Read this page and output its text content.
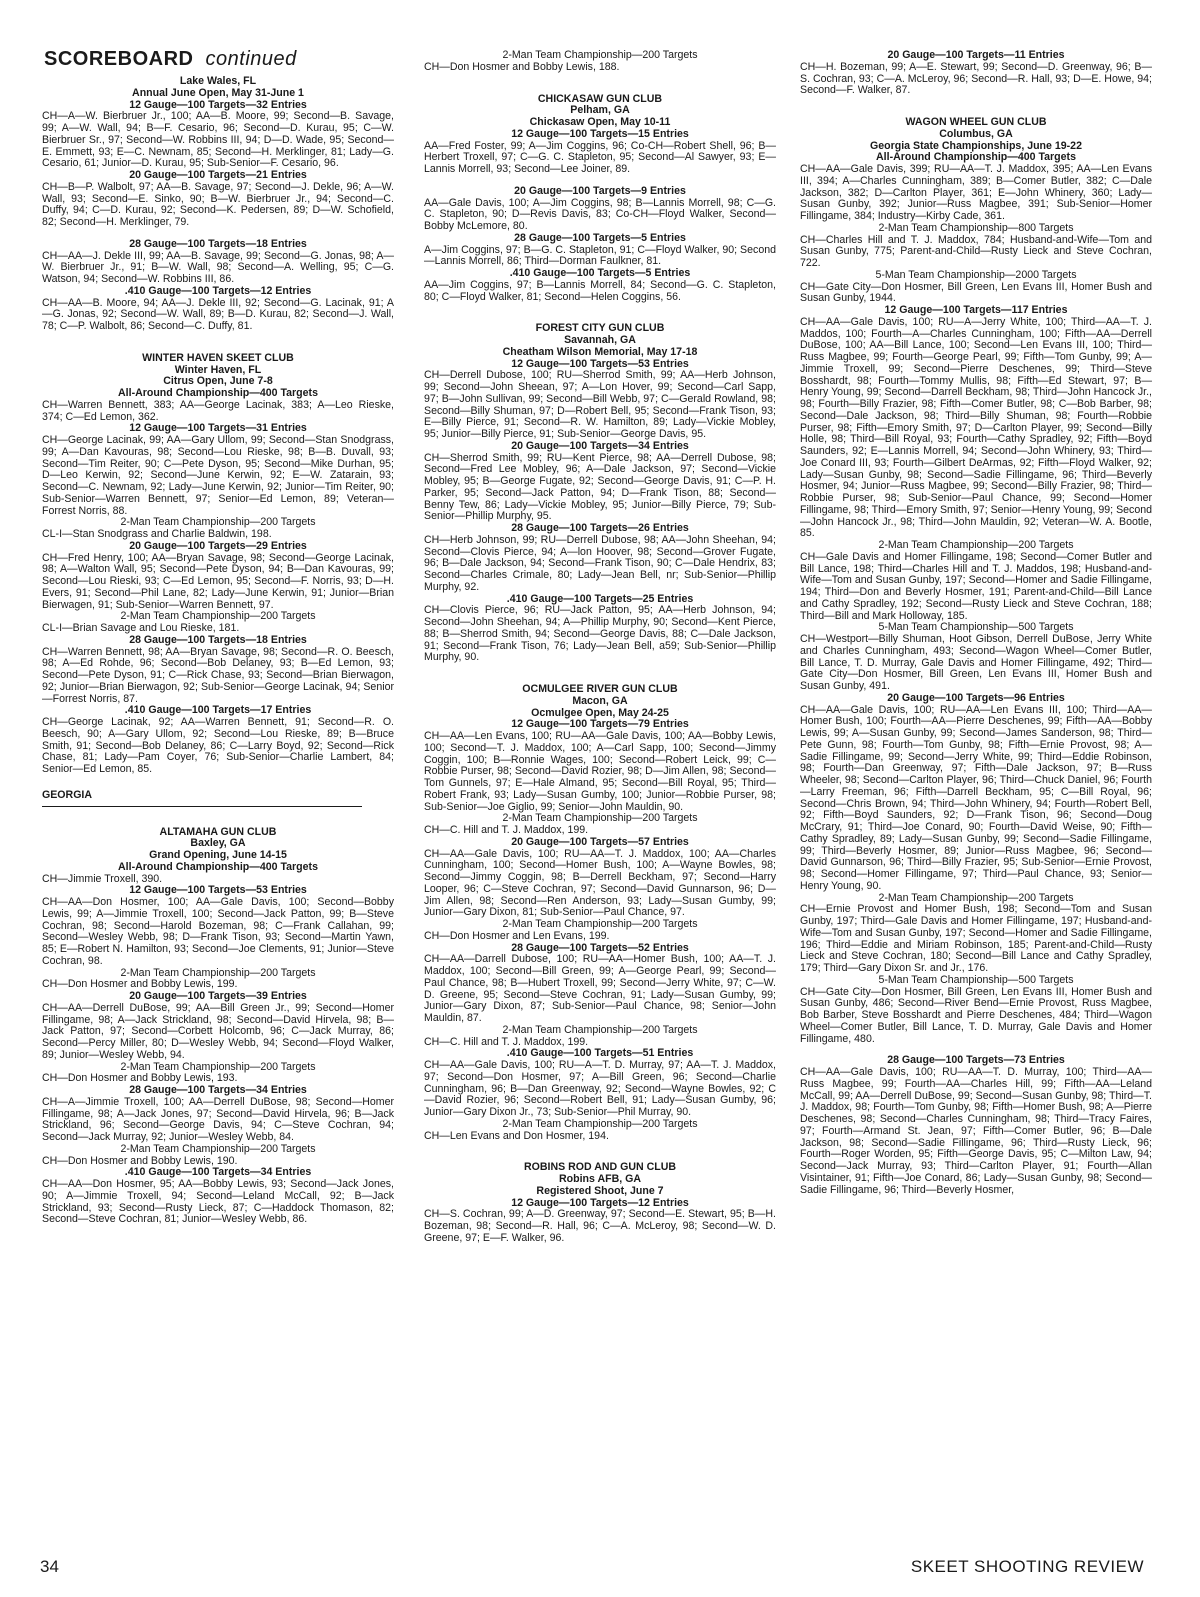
SCOREBOARD continued
Lake Wales, FL
Annual June Open, May 31-June 1
12 Gauge—100 Targets—32 Entries
CH—A—W. Bierbruer Jr., 100; AA—B. Moore, 99; Second—B. Savage, 99; A—W. Wall, 94; B—F. Cesario, 96; Second—D. Kurau, 95; C—W. Bierbruer Sr., 97; Second—W. Robbins III, 94; D—D. Wade, 95; Second—E. Emmett, 93; E—C. Newnam, 85; Second—H. Merklinger, 81; Lady—G. Cesario, 61; Junior—D. Kurau, 95; Sub-Senior—F. Cesario, 96.
20 Gauge—100 Targets—21 Entries
CH—B—P. Walbolt, 97; AA—B. Savage, 97; Second—J. Dekle, 96; A—W. Wall, 93; Second—E. Sinko, 90; B—W. Bierbruer Jr., 94; Second—C. Duffy, 94; C—D. Kurau, 92; Second—K. Pedersen, 89; D—W. Schofield, 82; Second—H. Merklinger, 79.
28 Gauge—100 Targets—18 Entries
CH—AA—J. Dekle III, 99; AA—B. Savage, 99; Second—G. Jonas, 98; A—W. Bierbruer Jr., 91; B—W. Wall, 98; Second—A. Welling, 95; C—G. Watson, 94; Second—W. Robbins III, 86.
.410 Gauge—100 Targets—12 Entries
CH—AA—B. Moore, 94; AA—J. Dekle III, 92; Second—G. Lacinak, 91; A—G. Jonas, 92; Second—W. Wall, 89; B—D. Kurau, 82; Second—J. Wall, 78; C—P. Walbolt, 86; Second—C. Duffy, 81.
WINTER HAVEN SKEET CLUB
Winter Haven, FL
Citrus Open, June 7-8
All-Around Championship—400 Targets
CH—Warren Bennett, 383; AA—George Lacinak, 383; A—Leo Rieske, 374; C—Ed Lemon, 362.
12 Gauge—100 Targets—31 Entries
CH—George Lacinak, 99; AA—Gary Ullom, 99; Second—Stan Snodgrass, 99; A—Dan Kavouras, 98; Second—Lou Rieske, 98; B—B. Duvall, 93; Second—Tim Reiter, 90; C—Pete Dyson, 95; Second—Mike Durhan, 95; D—Leo Kerwin, 92; Second—June Kerwin, 92; E—W. Zatarain, 93; Second—C. Newnam, 92; Lady—June Kerwin, 92; Junior—Tim Reiter, 90; Sub-Senior—Warren Bennett, 97; Senior—Ed Lemon, 89; Veteran—Forrest Norris, 88.
2-Man Team Championship—200 Targets
CL-I—Stan Snodgrass and Charlie Baldwin, 198.
20 Gauge—100 Targets—29 Entries
CH—Fred Henry, 100; AA—Bryan Savage, 98; Second—George Lacinak, 98; A—Walton Wall, 95; Second—Pete Dyson, 94; B—Dan Kavouras, 99; Second—Lou Rieski, 93; C—Ed Lemon, 95; Second—F. Norris, 93; D—H. Evers, 91; Second—Phil Lane, 82; Lady—June Kerwin, 91; Junior—Brian Bierwagen, 91; Sub-Senior—Warren Bennett, 97.
2-Man Team Championship—200 Targets
CL-I—Brian Savage and Lou Rieske, 181.
28 Gauge—100 Targets—18 Entries
CH—Warren Bennett, 98; AA—Bryan Savage, 98; Second—R. O. Beesch, 98; A—Ed Rohde, 96; Second—Bob Delaney, 93; B—Ed Lemon, 93; Second—Pete Dyson, 91; C—Rick Chase, 93; Second—Brian Bierwagon, 92; Junior—Brian Bierwagon, 92; Sub-Senior—George Lacinak, 94; Senior—Forrest Norris, 87.
.410 Gauge—100 Targets—17 Entries
CH—George Lacinak, 92; AA—Warren Bennett, 91; Second—R. O. Beesch, 90; A—Gary Ullom, 92; Second—Lou Rieske, 89; B—Bruce Smith, 91; Second—Bob Delaney, 86; C—Larry Boyd, 92; Second—Rick Chase, 81; Lady—Pam Coyer, 76; Sub-Senior—Charlie Lambert, 84; Senior—Ed Lemon, 85.
GEORGIA
ALTAMAHA GUN CLUB
Baxley, GA
Grand Opening, June 14-15
All-Around Championship—400 Targets
CH—Jimmie Troxell, 390.
12 Gauge—100 Targets—53 Entries
CH—AA—Don Hosmer, 100; AA—Gale Davis, 100; Second—Bobby Lewis, 99; A—Jimmie Troxell, 100; Second—Jack Patton, 99; B—Steve Cochran, 98; Second—Harold Bozeman, 98; C—Frank Callahan, 99; Second—Wesley Webb, 98; D—Frank Tison, 93; Second—Martin Yawn, 85; E—Robert N. Hamilton, 93; Second—Joe Clements, 91; Junior—Steve Cochran, 98.
2-Man Team Championship—200 Targets
CH—Don Hosmer and Bobby Lewis, 199.
20 Gauge—100 Targets—39 Entries
CH—AA—Derrell DuBose, 99; AA—Bill Green Jr., 99; Second—Homer Fillingame, 98; A—Jack Strickland, 98; Second—David Hirvela, 98; B—Jack Patton, 97; Second—Corbett Holcomb, 96; C—Jack Murray, 86; Second—Percy Miller, 80; D—Wesley Webb, 94; Second—Floyd Walker, 89; Junior—Wesley Webb, 94.
2-Man Team Championship—200 Targets
CH—Don Hosmer and Bobby Lewis, 193.
28 Gauge—100 Targets—34 Entries
CH—A—Jimmie Troxell, 100; AA—Derrell DuBose, 98; Second—Homer Fillingame, 98; A—Jack Jones, 97; Second—David Hirvela, 96; B—Jack Strickland, 96; Second—George Davis, 94; C—Steve Cochran, 94; Second—Jack Murray, 92; Junior—Wesley Webb, 84.
2-Man Team Championship—200 Targets
CH—Don Hosmer and Bobby Lewis, 190.
.410 Gauge—100 Targets—34 Entries
CH—AA—Don Hosmer, 95; AA—Bobby Lewis, 93; Second—Jack Jones, 90; A—Jimmie Troxell, 94; Second—Leland McCall, 92; B—Jack Strickland, 93; Second—Rusty Lieck, 87; C—Haddock Thomason, 82; Second—Steve Cochran, 81; Junior—Wesley Webb, 86.
2-Man Team Championship—200 Targets
CH—Don Hosmer and Bobby Lewis, 188.
CHICKASAW GUN CLUB
Pelham, GA
Chickasaw Open, May 10-11
12 Gauge—100 Targets—15 Entries
AA—Fred Foster, 99; A—Jim Coggins, 96; Co-CH—Robert Shell, 96; B—Herbert Troxell, 97; C—G. C. Stapleton, 95; Second—Al Sawyer, 93; E—Lannis Morrell, 93; Second—Lee Joiner, 89.
20 Gauge—100 Targets—9 Entries
AA—Gale Davis, 100; A—Jim Coggins, 98; B—Lannis Morrell, 98; C—G. C. Stapleton, 90; D—Revis Davis, 83; Co-CH—Floyd Walker, Second—Bobby McLemore, 80.
28 Gauge—100 Targets—5 Entries
A—Jim Coggins, 97; B—G. C. Stapleton, 91; C—Floyd Walker, 90; Second—Lannis Morrell, 86; Third—Dorman Faulkner, 81.
.410 Gauge—100 Targets—5 Entries
AA—Jim Coggins, 97; B—Lannis Morrell, 84; Second—G. C. Stapleton, 80; C—Floyd Walker, 81; Second—Helen Coggins, 56.
FOREST CITY GUN CLUB
Savannah, GA
Cheatham Wilson Memorial, May 17-18
12 Gauge—100 Targets—53 Entries
CH—Derrell Dubose, 100; RU—Sherrod Smith, 99; AA—Herb Johnson, 99; Second—John Sheean, 97; A—Lon Hover, 99; Second—Carl Sapp, 97; B—John Sullivan, 99; Second—Bill Webb, 97; C—Gerald Rowland, 98; Second—Billy Shuman, 97; D—Robert Bell, 95; Second—Frank Tison, 93; E—Billy Pierce, 91; Second—R. W. Hamilton, 89; Lady—Vickie Mobley, 95; Junior—Billy Pierce, 91; Sub-Senior—George Davis, 95.
20 Gauge—100 Targets—34 Entries
CH—Sherrod Smith, 99; RU—Kent Pierce, 98; AA—Derrell Dubose, 98; Second—Fred Lee Mobley, 96; A—Dale Jackson, 97; Second—Vickie Mobley, 95; B—George Fugate, 92; Second—George Davis, 91; C—P. H. Parker, 95; Second—Jack Patton, 94; D—Frank Tison, 88; Second—Benny Tew, 86; Lady—Vickie Mobley, 95; Junior—Billy Pierce, 79; Sub-Senior—Phillip Murphy, 95.
28 Gauge—100 Targets—26 Entries
CH—Herb Johnson, 99; RU—Derrell Dubose, 98; AA—John Sheehan, 94; Second—Clovis Pierce, 94; A—lon Hoover, 98; Second—Grover Fugate, 96; B—Dale Jackson, 94; Second—Frank Tison, 90; C—Dale Hendrix, 83; Second—Charles Crimale, 80; Lady—Jean Bell, nr; Sub-Senior—Phillip Murphy, 92.
.410 Gauge—100 Targets—25 Entries
CH—Clovis Pierce, 96; RU—Jack Patton, 95; AA—Herb Johnson, 94; Second—John Sheehan, 94; A—Phillip Murphy, 90; Second—Kent Pierce, 88; B—Sherrod Smith, 94; Second—George Davis, 88; C—Dale Jackson, 91; Second—Frank Tison, 76; Lady—Jean Bell, a59; Sub-Senior—Phillip Murphy, 90.
OCMULGEE RIVER GUN CLUB
Macon, GA
Ocmulgee Open, May 24-25
12 Gauge—100 Targets—79 Entries
CH—AA—Len Evans, 100; RU—AA—Gale Davis, 100; AA—Bobby Lewis, 100; Second—T. J. Maddox, 100; A—Carl Sapp, 100; Second—Jimmy Coggin, 100; B—Ronnie Wages, 100; Second—Robert Leick, 99; C—Robbie Purser, 98; Second—David Rozier, 98; D—Jim Allen, 98; Second—Tom Gunnels, 97; E—Hale Almand, 95; Second—Bill Royal, 95; Third—Robert Frank, 93; Lady—Susan Gumby, 100; Junior—Robbie Purser, 98; Sub-Senior—Joe Giglio, 99; Senior—John Mauldin, 90.
2-Man Team Championship—200 Targets
CH—C. Hill and T. J. Maddox, 199.
20 Gauge—100 Targets—57 Entries
CH—AA—Gale Davis, 100; RU—AA—T. J. Maddox, 100; AA—Charles Cunningham, 100; Second—Homer Bush, 100; A—Wayne Bowles, 98; Second—Jimmy Coggin, 98; B—Derrell Beckham, 97; Second—Harry Looper, 96; C—Steve Cochran, 97; Second—David Gunnarson, 96; D—Jim Allen, 98; Second—Ren Anderson, 93; Lady—Susan Gumby, 99; Junior—Gary Dixon, 81; Sub-Senior—Paul Chance, 97.
2-Man Team Championship—200 Targets
CH—Don Hosmer and Len Evans, 199.
28 Gauge—100 Targets—52 Entries
CH—AA—Darrell Dubose, 100; RU—AA—Homer Bush, 100; AA—T. J. Maddox, 100; Second—Bill Green, 99; A—George Pearl, 99; Second—Paul Chance, 98; B—Hubert Troxell, 99; Second—Jerry White, 97; C—W. D. Greene, 95; Second—Steve Cochran, 91; Lady—Susan Gumby, 99; Junior—Gary Dixon, 87; Sub-Senior—Paul Chance, 98; Senior—John Mauldin, 87.
2-Man Team Championship—200 Targets
CH—C. Hill and T. J. Maddox, 199.
.410 Gauge—100 Targets—51 Entries
CH—AA—Gale Davis, 100; RU—A—T. D. Murray, 97; AA—T. J. Maddox, 97; Second—Don Hosmer, 97; A—Bill Green, 96; Second—Charlie Cunningham, 96; B—Dan Greenway, 92; Second—Wayne Bowles, 92; C—David Rozier, 96; Second—Robert Bell, 91; Lady—Susan Gumby, 96; Junior—Gary Dixon Jr., 73; Sub-Senior—Phil Murray, 90.
2-Man Team Championship—200 Targets
CH—Len Evans and Don Hosmer, 194.
ROBINS ROD AND GUN CLUB
Robins AFB, GA
Registered Shoot, June 7
12 Gauge—100 Targets—12 Entries
CH—S. Cochran, 99; A—D. Greenway, 97; Second—E. Stewart, 95; B—H. Bozeman, 98; Second—R. Hall, 96; C—A. McLeroy, 98; Second—W. D. Greene, 97; E—F. Walker, 96.
20 Gauge—100 Targets—11 Entries
CH—H. Bozeman, 99; A—E. Stewart, 99; Second—D. Greenway, 96; B—S. Cochran, 93; C—A. McLeroy, 96; Second—R. Hall, 93; D—E. Howe, 94; Second—F. Walker, 87.
WAGON WHEEL GUN CLUB
Columbus, GA
Georgia State Championships, June 19-22
All-Around Championship—400 Targets
CH—AA—Gale Davis, 399; RU—AA—T. J. Maddox, 395; AA—Len Evans III, 394; A—Charles Cunningham, 389; B—Comer Butler, 382; C—Dale Jackson, 382; D—Carlton Player, 361; E—John Whinery, 360; Lady—Susan Gunby, 392; Junior—Russ Magbee, 391; Sub-Senior—Homer Fillingame, 384; Industry—Kirby Cade, 361.
2-Man Team Championship—800 Targets
CH—Charles Hill and T. J. Maddox, 784; Husband-and-Wife—Tom and Susan Gunby, 775; Parent-and-Child—Rusty Lieck and Steve Cochran, 722.
5-Man Team Championship—2000 Targets
CH—Gate City—Don Hosmer, Bill Green, Len Evans III, Homer Bush and Susan Gunby, 1944.
12 Gauge—100 Targets—117 Entries
CH—AA—Gale Davis, 100; RU—A—Jerry White, 100; Third—AA—T. J. Maddos, 100; Fourth—A—Charles Cunningham, 100; Fifth—AA—Derrell DuBose, 100; AA—Bill Lance, 100; Second—Len Evans III, 100; Third—Russ Magbee, 99; Fourth—George Pearl, 99; Fifth—Tom Gunby, 99; A—Jimmie Troxell, 99; Second—Pierre Deschenes, 99; Third—Steve Bosshardt, 98; Fourth—Tommy Mullis, 98; Fifth—Ed Stewart, 97; B—Henry Young, 99; Second—Darrell Beckham, 98; Third—John Hancock Jr., 98; Fourth—Billy Frazier, 98; Fifth—Comer Butler, 98; C—Bob Barber, 98; Second—Dale Jackson, 98; Third—Billy Shuman, 98; Fourth—Robbie Purser, 98; Fifth—Emory Smith, 97; D—Carlton Player, 99; Second—Billy Holle, 98; Third—Bill Royal, 93; Fourth—Cathy Spradley, 92; Fifth—Boyd Saunders, 92; E—Lannis Morrell, 94; Second—John Whinery, 93; Third—Joe Conard III, 93; Fourth—Gilbert DeArmas, 92; Fifth—Floyd Walker, 92; Lady—Susan Gunby, 98; Second—Sadie Fillingame, 96; Third—Beverly Hosmer, 94; Junior—Russ Magbee, 99; Second—Billy Frazier, 98; Third—Robbie Purser, 98; Sub-Senior—Paul Chance, 99; Second—Homer Fillingame, 98; Third—Emory Smith, 97; Senior—Henry Young, 99; Second—John Hancock Jr., 98; Third—John Mauldin, 92; Veteran—W. A. Bootle, 85.
2-Man Team Championship—200 Targets
CH—Gale Davis and Homer Fillingame, 198; Second—Comer Butler and Bill Lance, 198; Third—Charles Hill and T. J. Maddos, 198; Husband-and-Wife—Tom and Susan Gunby, 197; Second—Homer and Sadie Fillingame, 194; Third—Don and Beverly Hosmer, 191; Parent-and-Child—Bill Lance and Cathy Spradley, 192; Second—Rusty Lieck and Steve Cochran, 188; Third—Bill and Mark Holloway, 185.
5-Man Team Championship—500 Targets
CH—Westport—Billy Shuman, Hoot Gibson, Derrell DuBose, Jerry White and Charles Cunningham, 493; Second—Wagon Wheel—Comer Butler, Bill Lance, T. D. Murray, Gale Davis and Homer Fillingame, 492; Third—Gate City—Don Hosmer, Bill Green, Len Evans III, Homer Bush and Susan Gunby, 491.
20 Gauge—100 Targets—96 Entries
CH—AA—Gale Davis, 100; RU—AA—Len Evans III, 100; Third—AA—Homer Bush, 100; Fourth—AA—Pierre Deschenes, 99; Fifth—AA—Bobby Lewis, 99; A—Susan Gunby, 99; Second—James Sanderson, 98; Third—Pete Gunn, 98; Fourth—Tom Gunby, 98; Fifth—Ernie Provost, 98; A—Sadie Fillingame, 99; Second—Jerry White, 99; Third—Eddie Robinson, 98; Fourth—Dan Greenway, 97; Fifth—Dale Jackson, 97; B—Russ Wheeler, 98; Second—Carlton Player, 96; Third—Chuck Daniel, 96; Fourth—Larry Freeman, 96; Fifth—Darrell Beckham, 95; C—Bill Royal, 96; Second—Chris Brown, 94; Third—John Whinery, 94; Fourth—Robert Bell, 92; Fifth—Boyd Saunders, 92; D—Frank Tison, 96; Second—Doug McCrary, 91; Third—Joe Conard, 90; Fourth—David Weise, 90; Fifth—Cathy Spradley, 89; Lady—Susan Gunby, 99; Second—Sadie Fillingame, 99; Third—Beverly Hosmer, 89; Junior—Russ Magbee, 96; Second—David Gunnarson, 96; Third—Billy Frazier, 95; Sub-Senior—Ernie Provost, 98; Second—Homer Fillingame, 97; Third—Paul Chance, 93; Senior—Henry Young, 90.
2-Man Team Championship—200 Targets
CH—Ernie Provost and Homer Bush, 198; Second—Tom and Susan Gunby, 197; Third—Gale Davis and Homer Fillingame, 197; Husband-and-Wife—Tom and Susan Gunby, 197; Second—Homer and Sadie Fillingame, 196; Third—Eddie and Miriam Robinson, 185; Parent-and-Child—Rusty Lieck and Steve Cochran, 180; Second—Bill Lance and Cathy Spradley, 179; Third—Gary Dixon Sr. and Jr., 176.
5-Man Team Championship—500 Targets
CH—Gate City—Don Hosmer, Bill Green, Len Evans III, Homer Bush and Susan Gunby, 486; Second—River Bend—Ernie Provost, Russ Magbee, Bob Barber, Steve Bosshardt and Pierre Deschenes, 484; Third—Wagon Wheel—Comer Butler, Bill Lance, T. D. Murray, Gale Davis and Homer Fillingame, 480.
28 Gauge—100 Targets—73 Entries
CH—AA—Gale Davis, 100; RU—AA—T. D. Murray, 100; Third—AA—Russ Magbee, 99; Fourth—AA—Charles Hill, 99; Fifth—AA—Leland McCall, 99; AA—Derrell DuBose, 99; Second—Susan Gunby, 98; Third—T. J. Maddox, 98; Fourth—Tom Gunby, 98; Fifth—Homer Bush, 98; A—Pierre Deschenes, 98; Second—Charles Cunningham, 98; Third—Tracy Faires, 97; Fourth—Armand St. Jean, 97; Fifth—Comer Butler, 96; B—Dale Jackson, 98; Second—Sadie Fillingame, 96; Third—Rusty Lieck, 96; Fourth—Roger Worden, 95; Fifth—George Davis, 95; C—Milton Law, 94; Second—Jack Murray, 93; Third—Carlton Player, 91; Fourth—Allan Visintainer, 91; Fifth—Joe Conard, 86; Lady—Susan Gunby, 98; Second—Sadie Fillingame, 96; Third—Beverly Hosmer,
34	SKEET SHOOTING REVIEW
